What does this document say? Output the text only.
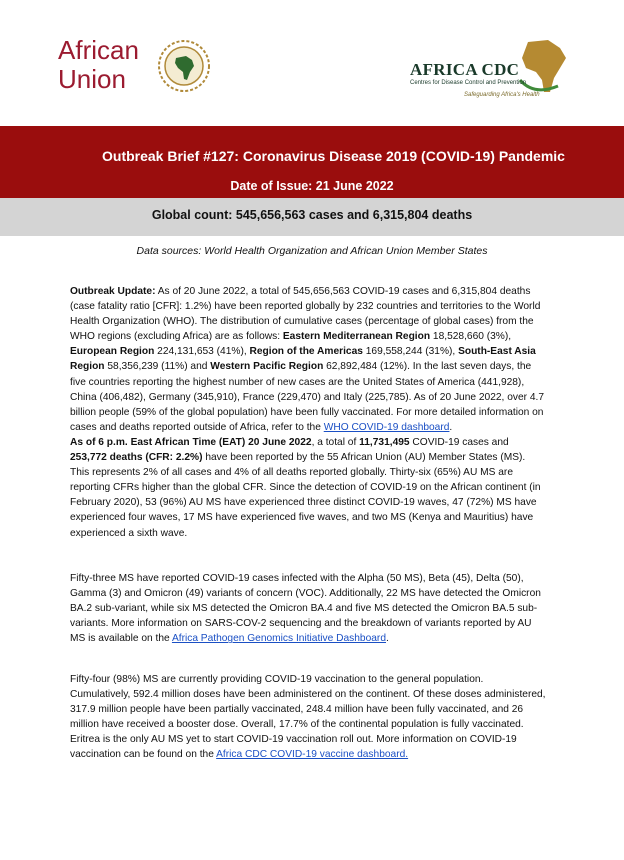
African
Union	AFRICA CDC
Centres for Disease Control and Prevention
Safeguarding Africa's Health
Outbreak Brief #127: Coronavirus Disease 2019 (COVID-19) Pandemic
Date of Issue: 21 June 2022
Global count: 545,656,563 cases and 6,315,804 deaths
Data sources: World Health Organization and African Union Member States
Outbreak Update: As of 20 June 2022, a total of 545,656,563 COVID-19 cases and 6,315,804 deaths (case fatality ratio [CFR]: 1.2%) have been reported globally by 232 countries and territories to the World Health Organization (WHO). The distribution of cumulative cases (percentage of global cases) from the WHO regions (excluding Africa) are as follows: Eastern Mediterranean Region 18,528,660 (3%), European Region 224,131,653 (41%), Region of the Americas 169,558,244 (31%), South-East Asia Region 58,356,239 (11%) and Western Pacific Region 62,892,484 (12%). In the last seven days, the five countries reporting the highest number of new cases are the United States of America (441,928), China (406,482), Germany (345,910), France (229,470) and Italy (225,785). As of 20 June 2022, over 4.7 billion people (59% of the global population) have been fully vaccinated. For more detailed information on cases and deaths reported outside of Africa, refer to the WHO COVID-19 dashboard.
As of 6 p.m. East African Time (EAT) 20 June 2022, a total of 11,731,495 COVID-19 cases and 253,772 deaths (CFR: 2.2%) have been reported by the 55 African Union (AU) Member States (MS). This represents 2% of all cases and 4% of all deaths reported globally. Thirty-six (65%) AU MS are reporting CFRs higher than the global CFR. Since the detection of COVID-19 on the African continent (in February 2020), 53 (96%) AU MS have experienced three distinct COVID-19 waves, 47 (72%) MS have experienced four waves, 17 MS have experienced five waves, and two MS (Kenya and Mauritius) have experienced a sixth wave.
Fifty-three MS have reported COVID-19 cases infected with the Alpha (50 MS), Beta (45), Delta (50), Gamma (3) and Omicron (49) variants of concern (VOC). Additionally, 22 MS have detected the Omicron BA.2 sub-variant, while six MS detected the Omicron BA.4 and five MS detected the Omicron BA.5 sub-variants. More information on SARS-COV-2 sequencing and the breakdown of variants reported by AU MS is available on the Africa Pathogen Genomics Initiative Dashboard.
Fifty-four (98%) MS are currently providing COVID-19 vaccination to the general population. Cumulatively, 592.4 million doses have been administered on the continent. Of these doses administered, 317.9 million people have been partially vaccinated, 248.4 million have been fully vaccinated, and 26 million have received a booster dose. Overall, 17.7% of the continental population is fully vaccinated. Eritrea is the only AU MS yet to start COVID-19 vaccination roll out. More information on COVID-19 vaccination can be found on the Africa CDC COVID-19 vaccine dashboard.
